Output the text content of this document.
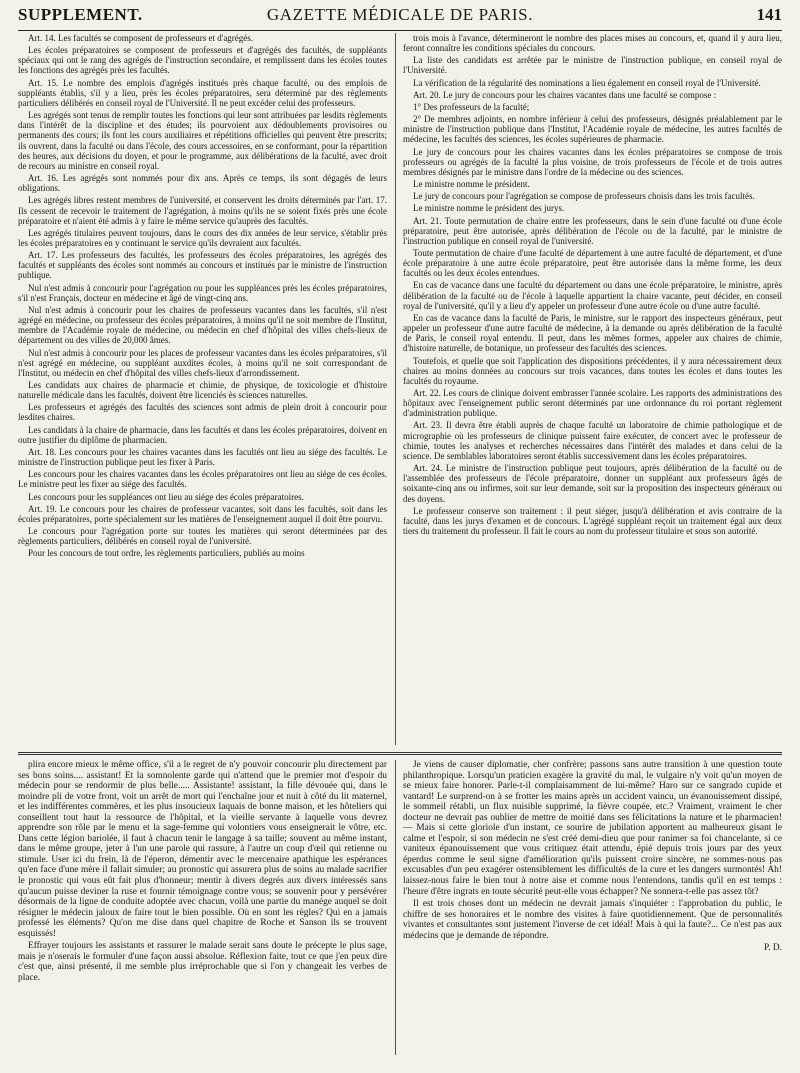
SUPPLEMENT.	GAZETTE MÉDICALE DE PARIS.	141

Art. 14. Les facultés se composent de professeurs et d'agrégés.

Les écoles préparatoires se composent de professeurs et d'agrégés des facultés, de suppléants spéciaux qui ont le rang des agrégés de l'instruction secondaire, et remplissent dans les écoles toutes les fonctions des agrégés près les facultés.

Art. 15. Le nombre des emplois d'agrégés institués près chaque faculté, ou des emplois de suppléants établis, s'il y a lieu, près les écoles préparatoires, sera déterminé par des règlements particuliers délibérés en conseil royal de l'Université. Il ne peut excéder celui des professeurs.

Les agrégés sont tenus de remplir toutes les fonctions qui leur sont attribuées par lesdits règlements dans l'intérêt de la discipline et des études; ils pourvoient aux dédoublements provisoires ou permanents des cours; ils font les cours auxiliaires et répétitions officielles qui peuvent être prescrits; ils ouvrent, dans la faculté ou dans l'école, des cours accessoires, en se conformant, pour la répartition des heures, aux décisions du doyen, et pour le programme, aux délibérations de la faculté, avec droit de recours au ministre en conseil royal.

Art. 16. Les agrégés sont nommés pour dix ans. Après ce temps, ils sont dégagés de leurs obligations.

Les agrégés libres restent membres de l'université, et conservent les droits déterminés par l'art. 17. Ils cessent de recevoir le traitement de l'agrégation, à moins qu'ils ne se soient fixés près une école préparatoire et n'aient été admis à y faire le même service qu'auprès des facultés.

Les agrégés titulaires peuvent toujours, dans le cours des dix années de leur service, s'établir près les écoles préparatoires en y continuant le service qu'ils devraient aux facultés.

Art. 17. Les professeurs des facultés, les professeurs des écoles préparatoires, les agrégés des facultés et suppléants des écoles sont nommés au concours et institués par le ministre de l'instruction publique.

Nul n'est admis à concourir pour l'agrégation ou pour les suppléances près les écoles préparatoires, s'il n'est Français, docteur en médecine et âgé de vingt-cinq ans.

Nul n'est admis à concourir pour les chaires de professeurs vacantes dans les facultés, s'il n'est agrégé en médecine, ou professeur des écoles préparatoires, à moins qu'il ne soit membre de l'Institut, membre de l'Académie royale de médecine, ou médecin en chef d'hôpital des villes chefs-lieux de département ou des villes de 20,000 âmes.

Nul n'est admis à concourir pour les places de professeur vacantes dans les écoles préparatoires, s'il n'est agrégé en médecine, ou suppléant auxdites écoles, à moins qu'il ne soit correspondant de l'Institut, ou médecin en chef d'hôpital des villes chefs-lieux d'arrondissement.

Les candidats aux chaires de pharmacie et chimie, de physique, de toxicologie et d'histoire naturelle médicale dans les facultés, doivent être licenciés ès sciences naturelles.

Les professeurs et agrégés des facultés des sciences sont admis de plein droit à concourir pour lesdites chaires.

Les candidats à la chaire de pharmacie, dans les facultés et dans les écoles préparatoires, doivent en outre justifier du diplôme de pharmacien.

Art. 18. Les concours pour les chaires vacantes dans les facultés ont lieu au siége des facultés. Le ministre de l'instruction publique peut les fixer à Paris.

Les concours pour les chaires vacantes dans les écoles préparatoires ont lieu au siége de ces écoles. Le ministre peut les fixer au siége des facultés.

Les concours pour les suppléances ont lieu au siége des écoles préparatoires.

Art. 19. Le concours pour les chaires de professeur vacantes, soit dans les facultés, soit dans les écoles préparatoires, porte spécialement sur les matières de l'enseignement auquel il doit être pourvu.

Le concours pour l'agrégation porte sur toutes les matières qui seront déterminées par des règlements particuliers, délibérés en conseil royal de l'université.

Pour les concours de tout ordre, les règlements particuliers, publiés au moins

trois mois à l'avance, détermineront le nombre des places mises au concours, et, quand il y aura lieu, feront connaître les conditions spéciales du concours.

La liste des candidats est arrêtée par le ministre de l'instruction publique, en conseil royal de l'Université.

La vérification de la régularité des nominations a lieu également en conseil royal de l'Université.

Art. 20. Le jury de concours pour les chaires vacantes dans une faculté se compose :

1° Des professeurs de la faculté;

2° De membres adjoints, en nombre inférieur à celui des professeurs, désignés préalablement par le ministre de l'instruction publique dans l'Institut, l'Académie royale de médecine, les autres facultés de médecine, les facultés des sciences, les écoles supérieures de pharmacie.

Le jury de concours pour les chaires vacantes dans les écoles préparatoires se compose de trois professeurs ou agrégés de la faculté la plus voisine, de trois professeurs de l'école et de trois autres membres désignés par le ministre dans l'ordre de la médecine ou des sciences.

Le ministre nomme le président.

Le jury de concours pour l'agrégation se compose de professeurs choisis dans les trois facultés.

Le ministre nomme le président des jurys.

Art. 21. Toute permutation de chaire entre les professeurs, dans le sein d'une faculté ou d'une école préparatoire, peut être autorisée, après délibération de l'école ou de la faculté, par le ministre de l'instruction publique en conseil royal de l'université.

Toute permutation de chaire d'une faculté de département à une autre faculté de département, et d'une école préparatoire à une autre école préparatoire, peut être autorisée dans la même forme, les deux facultés ou les deux écoles entendues.

En cas de vacance dans une faculté du département ou dans une école préparatoire, le ministre, après délibération de la faculté ou de l'école à laquelle appartient la chaire vacante, peut décider, en conseil royal de l'université, qu'il y a lieu d'y appeler un professeur d'une autre école ou d'une autre faculté.

En cas de vacance dans la faculté de Paris, le ministre, sur le rapport des inspecteurs généraux, peut appeler un professeur d'une autre faculté de médecine, à la demande ou après délibération de la faculté de Paris, le conseil royal entendu. Il peut, dans les mêmes formes, appeler aux chaires de chimie, d'histoire naturelle, de botanique, un professeur des facultés des sciences.

Toutefois, et quelle que soit l'application des dispositions précédentes, il y aura nécessairement deux chaires au moins données au concours sur trois vacances, dans toutes les écoles et dans toutes les facultés du royaume.

Art. 22. Les cours de clinique doivent embrasser l'année scolaire. Les rapports des administrations des hôpitaux avec l'enseignement public seront déterminés par une ordonnance du roi portant règlement d'administration publique.

Art. 23. Il devra être établi auprès de chaque faculté un laboratoire de chimie pathologique et de micrographie où les professeurs de clinique puissent faire exécuter, de concert avec le professeur de chimie, toutes les analyses et recherches nécessaires dans l'intérêt des malades et dans celui de la science. De semblables laboratoires seront établis successivement dans les écoles préparatoires.

Art. 24. Le ministre de l'instruction publique peut toujours, après délibération de la faculté ou de l'assemblée des professeurs de l'école préparatoire, donner un suppléant aux professeurs âgés de soixante-cinq ans ou infirmes, soit sur leur demande, soit sur la proposition des inspecteurs généraux ou des doyens.

Le professeur conserve son traitement : il peut siéger, jusqu'à délibération et avis contraire de la faculté, dans les jurys d'examen et de concours. L'agrégé suppléant reçoit un traitement égal aux deux tiers du traitement du professeur. Il fait le cours au nom du professeur titulaire et sous son autorité.

plira encore mieux le même office, s'il a le regret de n'y pouvoir concourir plu directement par ses bons soins.... assistant! Et la somnolente garde qui n'attend que le premier mot d'espoir du médecin pour se rendormir de plus belle..... Assistante! assistant, la fille dévouée qui, dans le moindre pli de votre front, voit un arrêt de mort qui l'enchaîne jour et nuit à côté du lit maternel, et les indifférentes commères, et les plus insoucieux laquais de bonne maison, et les hôteliers qui conseillent tout haut la ressource de l'hôpital, et la vieille servante à laquelle vous devrez apprendre son rôle par le menu et la sage-femme qui volontiers vous enseignerait le vôtre, etc. Dans cette légion bariolée, il faut à chacun tenir le langage à sa taille; souvent au même instant, dans le même groupe, jeter à l'un une parole qui rassure, à l'autre un coup d'œil qui retienne ou stimule. User ici du frein, là de l'éperon, démentir avec le mercenaire apathique les espérances qu'en face d'une mère il fallait simuler; au pronostic qui assurera plus de soins au malade sacrifier le pronostic qui vous eût fait plus d'honneur; mentir à divers degrés aux divers intéressés sans qu'aucun puisse deviner la ruse et fournir témoignage contre vous; se souvenir pour y persévérer désormais de la ligne de conduite adoptée avec chacun, voilà une partie du manége auquel se doit résigner le médecin jaloux de faire tout le bien possible. Où en sont les règles? Qui en a jamais professé les éléments? Qu'on me dise dans quel chapitre de Roche et Sanson ils se trouvent esquissés!

Effrayer toujours les assistants et rassurer le malade serait sans doute le précepte le plus sage, mais je n'oserais le formuler d'une façon aussi absolue. Réflexion faite, tout ce que j'en peux dire c'est que, ainsi présenté, il me semble plus irréprochable que si l'on y changeait les verbes de place.

Je viens de causer diplomatie, cher confrère; passons sans autre transition à une question toute philanthropique. Lorsqu'un praticien exagère la gravité du mal, le vulgaire n'y voit qu'un moyen de se mieux faire honorer. Parle-t-il complaisamment de lui-même? Haro sur ce sangrado cupide et vantard! Le surprend-on à se frotter les mains après un accident vaincu, un évanouissement dissipé, le sommeil rétabli, un flux nuisible supprimé, la fièvre coupée, etc.? Vraiment, vraiment le cher docteur ne devrait pas oublier de mettre de moitié dans ses félicitations la nature et le pharmacien! — Mais si cette gloriole d'un instant, ce sourire de jubilation apportent au malheureux gisant le calme et l'espoir, si son médecin ne s'est créé demi-dieu que pour ranimer sa foi chancelante, si ce vaniteux épanouissement que vous critiquez était attendu, épié depuis trois jours par des yeux éperdus comme le seul signe d'amélioration qu'ils puissent croire sincère, ne sommes-nous pas excusables d'un peu exagérer ostensiblement les difficultés de la cure et les dangers surmontés! Ah! laissez-nous faire le bien tout à notre aise et comme nous l'entendons, tandis qu'il en est temps : l'heure d'être ingrats en toute sécurité peut-elle vous échapper? Ne sonnera-t-elle pas assez tôt?

Il est trois choses dont un médecin ne devrait jamais s'inquiéter : l'approbation du public, le chiffre de ses honoraires et le nombre des visites à faire quotidiennement. Que de personnalités vivantes et consultantes sont justement l'inverse de cet idéal! Mais à qui la faute?... Ce n'est pas aux médecins que je demande de répondre.

P. D.
